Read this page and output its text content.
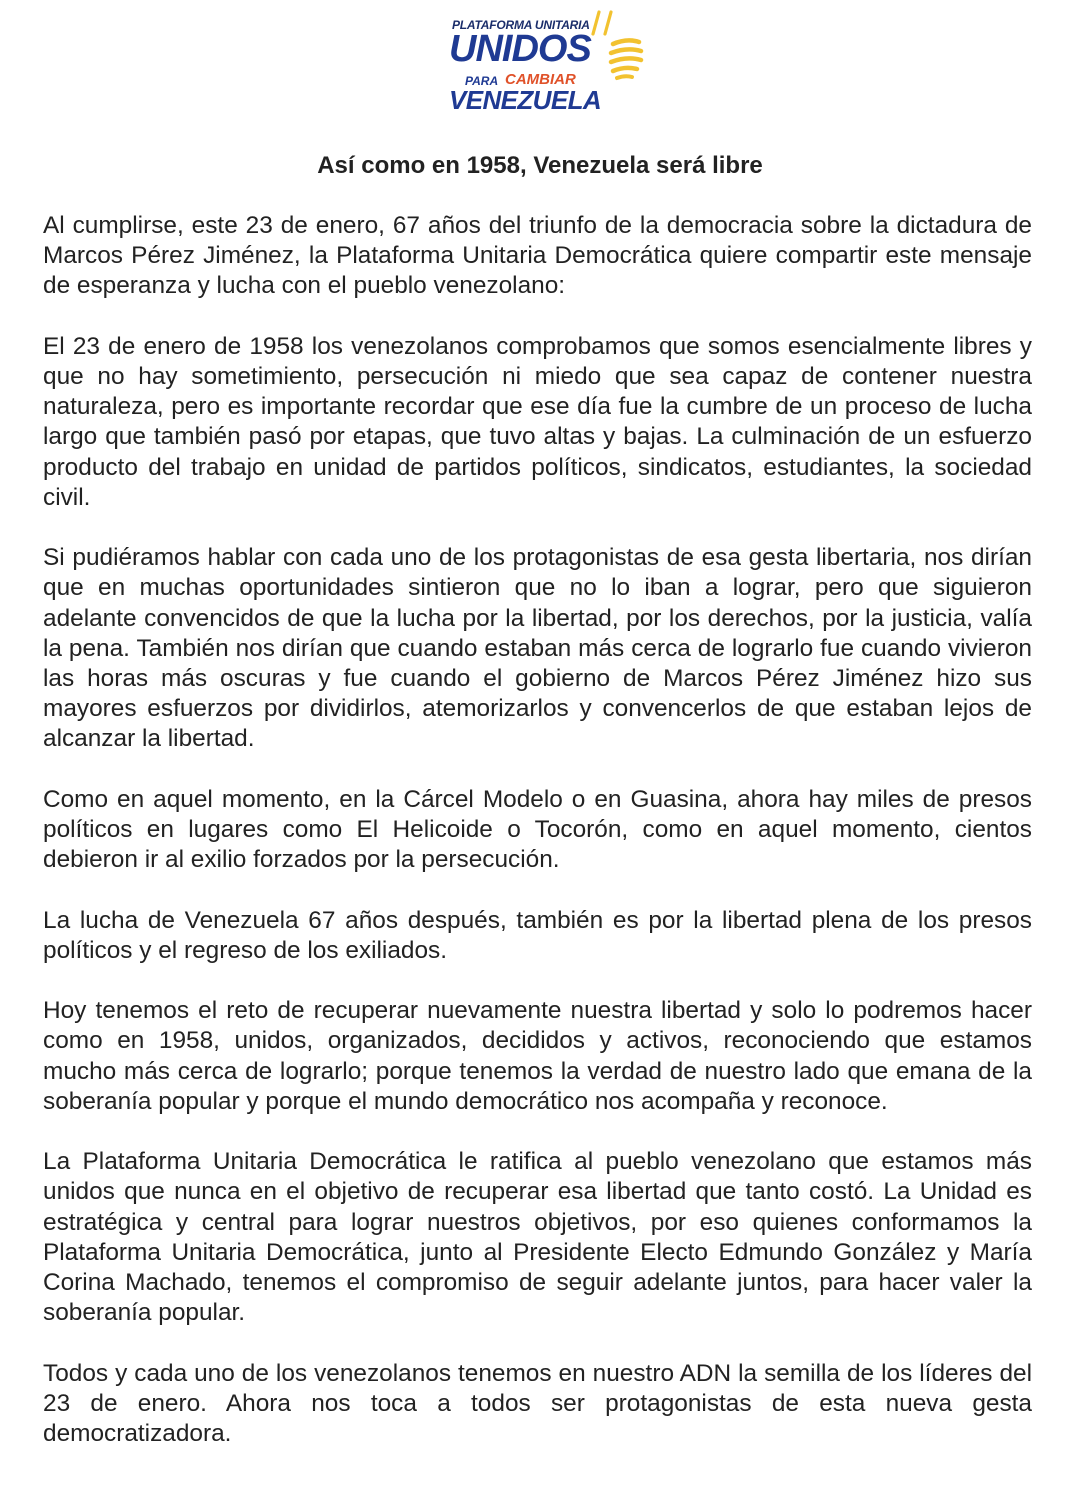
PLATAFORMA UNITARIA
UNIDOS
PARA CAMBIAR
VENEZUELA
Así como en 1958, Venezuela será libre

Al cumplirse, este 23 de enero, 67 años del triunfo de la democracia sobre la dictadura de Marcos Pérez Jiménez, la Plataforma Unitaria Democrática quiere compartir este mensaje de esperanza y lucha con el pueblo venezolano:

El 23 de enero de 1958 los venezolanos comprobamos que somos esencialmente libres y que no hay sometimiento, persecución ni miedo que sea capaz de contener nuestra naturaleza, pero es importante recordar que ese día fue la cumbre de un proceso de lucha largo que también pasó por etapas, que tuvo altas y bajas. La culminación de un esfuerzo producto del trabajo en unidad de partidos políticos, sindicatos, estudiantes, la sociedad civil.

Si pudiéramos hablar con cada uno de los protagonistas de esa gesta libertaria, nos dirían que en muchas oportunidades sintieron que no lo iban a lograr, pero que siguieron adelante convencidos de que la lucha por la libertad, por los derechos, por la justicia, valía la pena. También nos dirían que cuando estaban más cerca de lograrlo fue cuando vivieron las horas más oscuras y fue cuando el gobierno de Marcos Pérez Jiménez hizo sus mayores esfuerzos por dividirlos, atemorizarlos y convencerlos de que estaban lejos de alcanzar la libertad.

Como en aquel momento, en la Cárcel Modelo o en Guasina, ahora hay miles de presos políticos en lugares como El Helicoide o Tocorón, como en aquel momento, cientos debieron ir al exilio forzados por la persecución.

La lucha de Venezuela 67 años después, también es por la libertad plena de los presos políticos y el regreso de los exiliados.

Hoy tenemos el reto de recuperar nuevamente nuestra libertad y solo lo podremos hacer como en 1958, unidos, organizados, decididos y activos, reconociendo que estamos mucho más cerca de lograrlo; porque tenemos la verdad de nuestro lado que emana de la soberanía popular y porque el mundo democrático nos acompaña y reconoce.

La Plataforma Unitaria Democrática le ratifica al pueblo venezolano que estamos más unidos que nunca en el objetivo de recuperar esa libertad que tanto costó. La Unidad es estratégica y central para lograr nuestros objetivos, por eso quienes conformamos la Plataforma Unitaria Democrática, junto al Presidente Electo Edmundo González y María Corina Machado, tenemos el compromiso de seguir adelante juntos, para hacer valer la soberanía popular.

Todos y cada uno de los venezolanos tenemos en nuestro ADN la semilla de los líderes del 23 de enero. Ahora nos toca a todos ser protagonistas de esta nueva gesta democratizadora.
